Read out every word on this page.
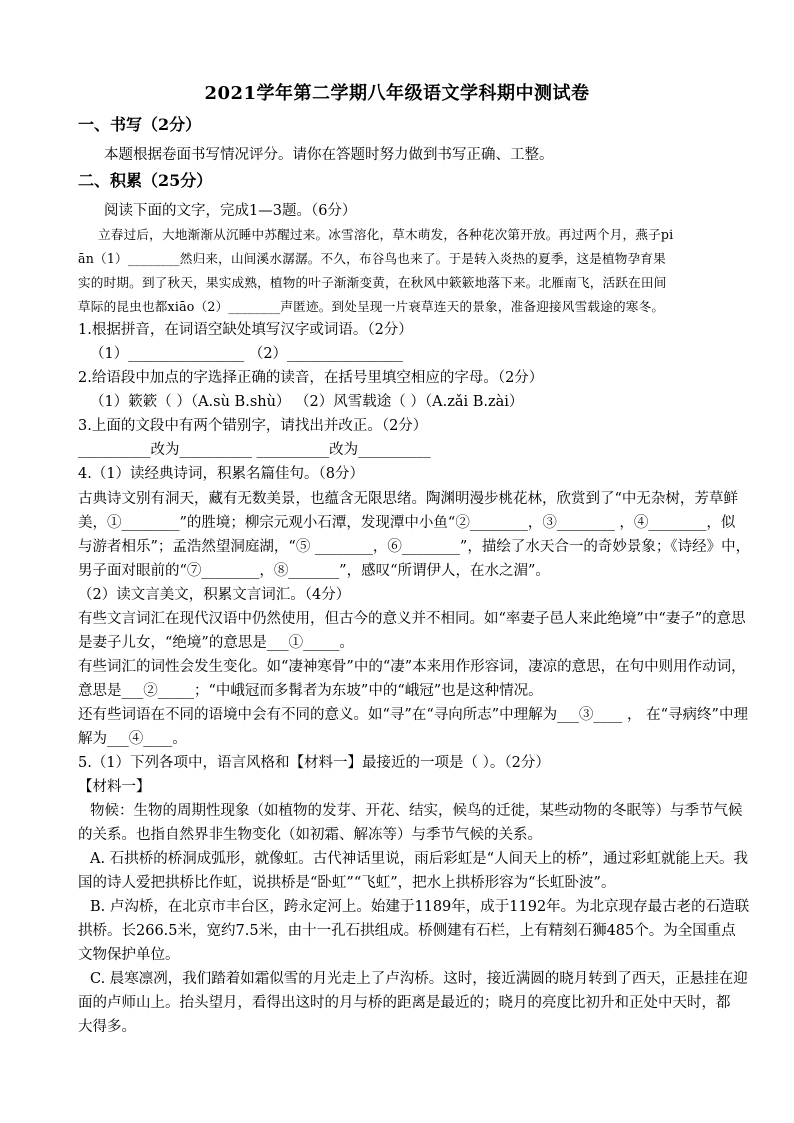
2021学年第二学期八年级语文学科期中测试卷
一、书写（2分）
本题根据卷面书写情况评分。请你在答题时努力做到书写正确、工整。
二、积累（25分）
阅读下面的文字，完成1—3题。（6分）
立春过后，大地渐渐从沉睡中苏醒过来。冰雪溶化，草木萌发，各种花次第开放。再过两个月，燕子pi
ān（1）________然归来，山间溪水潺潺。不久，布谷鸟也来了。于是转入炎热的夏季，这是植物孕育果
实的时期。到了秋天，果实成熟，植物的叶子渐渐变黄，在秋风中簌簌地落下来。北雁南飞，活跃在田间
草际的昆虫也都xiāo（2）________声匿迹。到处呈现一片衰草连天的景象，准备迎接风雪载途的寒冬。
1.根据拼音，在词语空缺处填写汉字或词语。（2分）
（1）________________ （2）________________
2.给语段中加点的字选择正确的读音，在括号里填空相应的字母。（2分）
（1）簌簌（ ）（A.sù B.shù） （2）风雪载途（ ）（A.zǎi B.zài）
3.上面的文段中有两个错别字，请找出并改正。（2分）
__________改为__________ __________改为__________
4.（1）读经典诗词，积累名篇佳句。（8分）
古典诗文别有洞天，藏有无数美景，也蕴含无限思绪。陶渊明漫步桃花林，欣赏到了“中无杂树，芳草鲜
美，①________”的胜境；柳宗元观小石潭，发现潭中小鱼“②________，③________ ，④________，似
与游者相乐”；孟浩然望洞庭湖，“⑤ ________，⑥________”，描绘了水天合一的奇妙景象；《诗经》中，
男子面对眼前的“⑦________，⑧_______”，感叹“所谓伊人，在水之湄”。
（2）读文言美文，积累文言词汇。（4分）
有些文言词汇在现代汉语中仍然使用，但古今的意义并不相同。如“率妻子邑人来此绝境”中“妻子”的意思
是妻子儿女，“绝境”的意思是___①_____。
有些词汇的词性会发生变化。如“凄神寒骨”中的“凄”本来用作形容词，凄凉的意思，在句中则用作动词，
意思是___②_____；“中峨冠而多髯者为东坡”中的“峨冠”也是这种情况。
还有些词语在不同的语境中会有不同的意义。如“寻”在“寻向所志”中理解为___③____ ， 在“寻病终”中理
解为___④____。
5.（1）下列各项中，语言风格和【材料一】最接近的一项是（ ）。（2分）
【材料一】
物候：生物的周期性现象（如植物的发芽、开花、结实，候鸟的迁徙，某些动物的冬眠等）与季节气候
的关系。也指自然界非生物变化（如初霜、解冻等）与季节气候的关系。
A. 石拱桥的桥洞成弧形，就像虹。古代神话里说，雨后彩虹是“人间天上的桥”，通过彩虹就能上天。我
国的诗人爱把拱桥比作虹，说拱桥是“卧虹”“飞虹”，把水上拱桥形容为“长虹卧波”。
B. 卢沟桥，在北京市丰台区，跨永定河上。始建于1189年，成于1192年。为北京现存最古老的石造联
拱桥。长266.5米，宽约7.5米，由十一孔石拱组成。桥侧建有石栏，上有精刻石狮485个。为全国重点
文物保护单位。
C. 晨寒凛冽，我们踏着如霜似雪的月光走上了卢沟桥。这时，接近满圆的晓月转到了西天，正悬挂在迎
面的卢师山上。抬头望月，看得出这时的月与桥的距离是最近的；晓月的亮度比初升和正处中天时，都
大得多。
